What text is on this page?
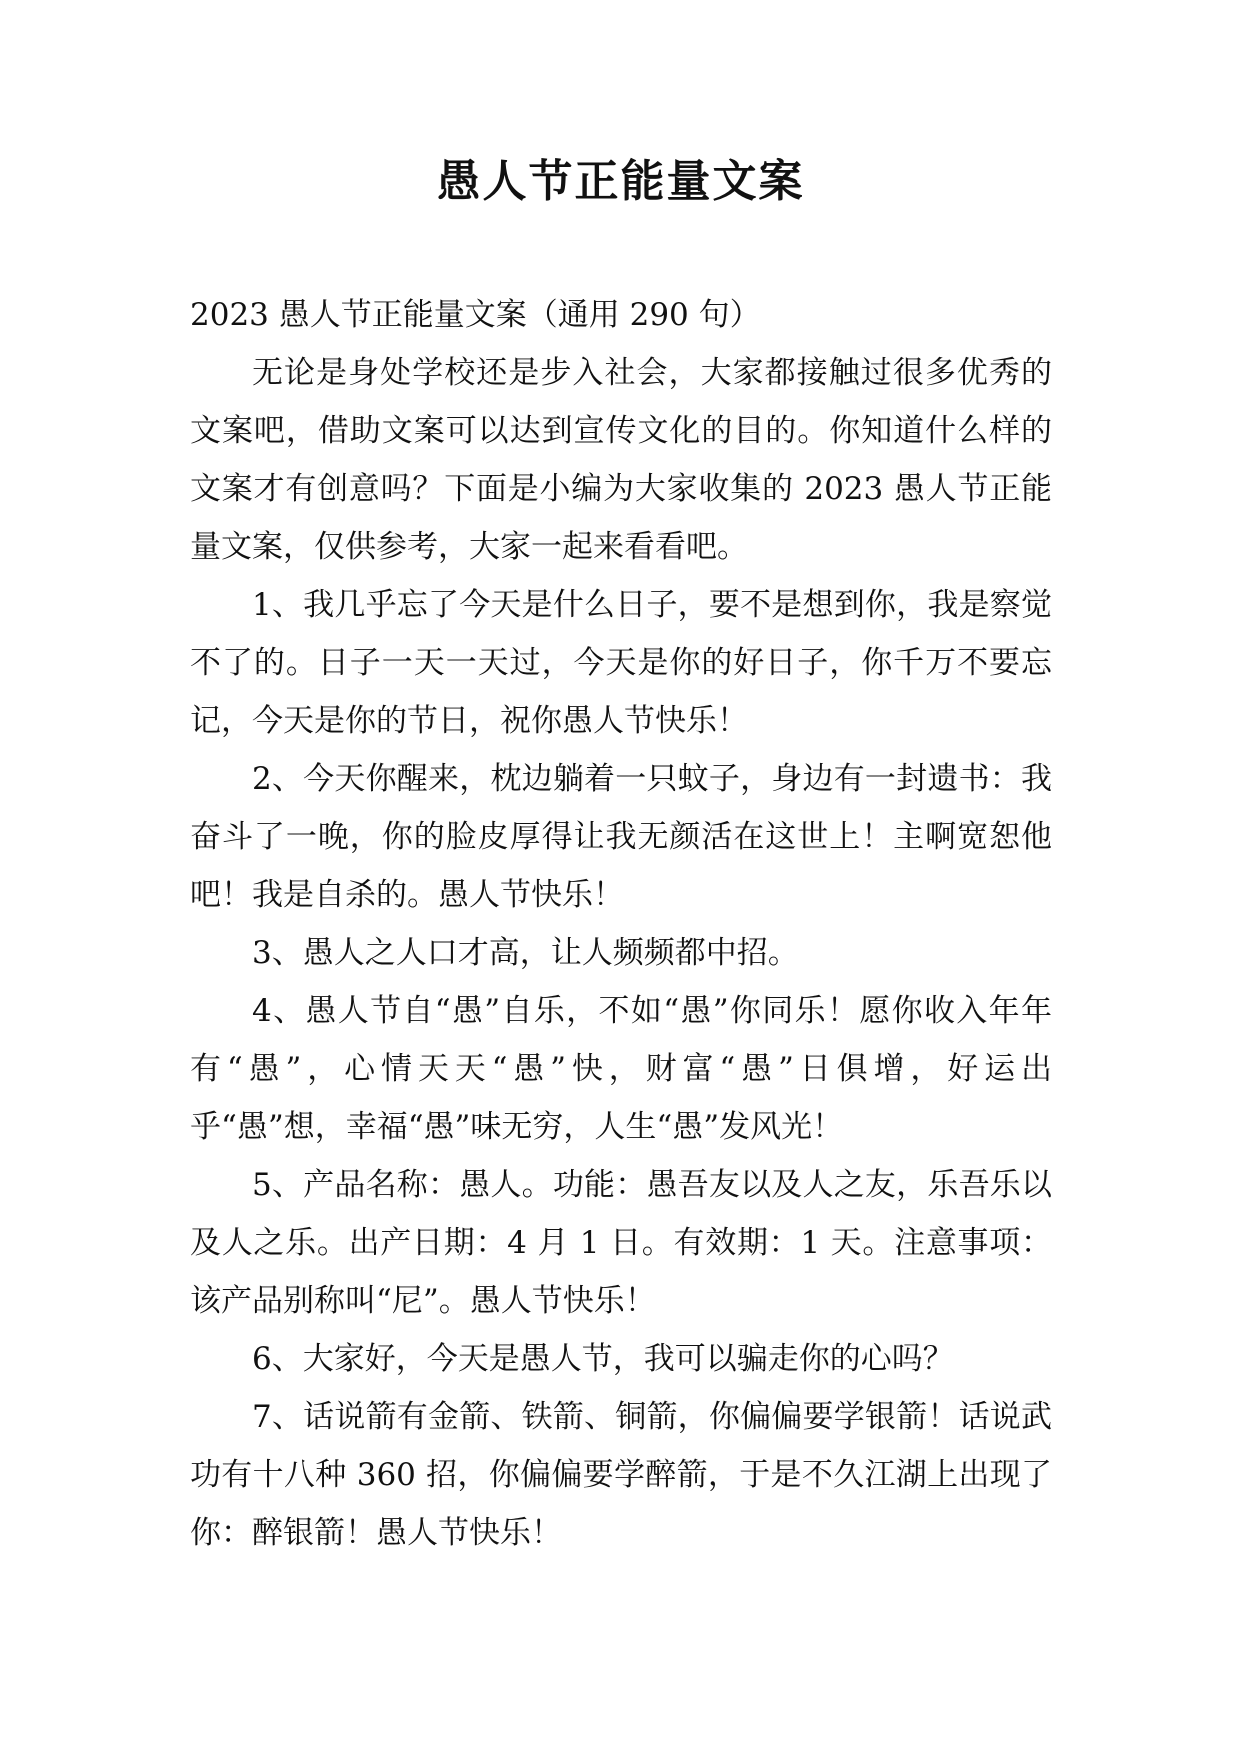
愚人节正能量文案

2023 愚人节正能量文案（通用 290 句）

无论是身处学校还是步入社会，大家都接触过很多优秀的文案吧，借助文案可以达到宣传文化的目的。你知道什么样的文案才有创意吗？下面是小编为大家收集的 2023 愚人节正能量文案，仅供参考，大家一起来看看吧。

1、我几乎忘了今天是什么日子，要不是想到你，我是察觉不了的。日子一天一天过，今天是你的好日子，你千万不要忘记，今天是你的节日，祝你愚人节快乐！

2、今天你醒来，枕边躺着一只蚊子，身边有一封遗书：我奋斗了一晚，你的脸皮厚得让我无颜活在这世上！主啊宽恕他吧！我是自杀的。愚人节快乐！

3、愚人之人口才高，让人频频都中招。

4、愚人节自“愚”自乐，不如“愚”你同乐！愿你收入年年有“愚”，心情天天“愚”快，财富“愚”日俱增，好运出乎“愚”想，幸福“愚”味无穷，人生“愚”发风光！

5、产品名称：愚人。功能：愚吾友以及人之友，乐吾乐以及人之乐。出产日期：4 月 1 日。有效期：1 天。注意事项：该产品别称叫“尼”。愚人节快乐！

6、大家好，今天是愚人节，我可以骗走你的心吗？

7、话说箭有金箭、铁箭、铜箭，你偏偏要学银箭！话说武功有十八种 360 招，你偏偏要学醉箭，于是不久江湖上出现了你：醉银箭！愚人节快乐！
